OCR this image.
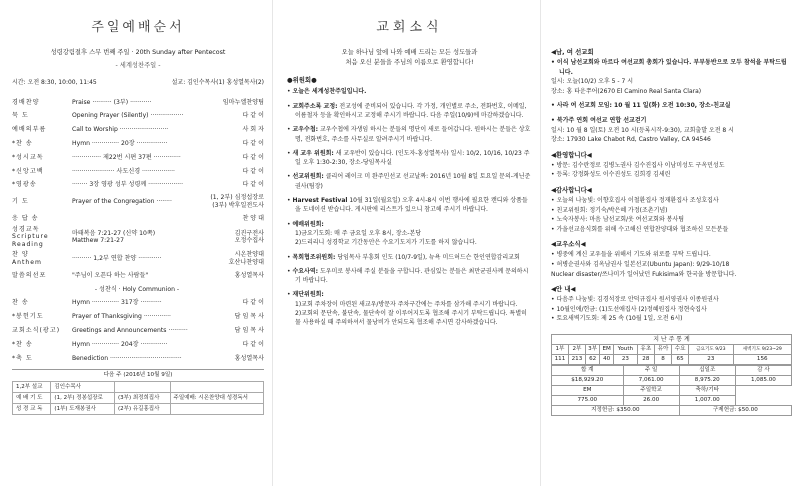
주일예배순서
성령강림절후 스무 번째 주일 · 20th Sunday after Pentecost
- 세계성찬주일 -
시간: 오전 8:30, 10:00, 11:45	설교: 김인수목사(1) 홍성열목사(2)
경배찬양	Praise ·········· (3부) ···········	임마누엘찬양팀
묵 도	Opening Prayer (Silently) ·················	다 같 이
예배의부름	Call to Worship ·························	사 회 자
*찬 송	Hymn ·············· 20장 ················	다 같 이
*성시교독	··············· 제22번 시편 37편 ··············	다 같 이
*신앙고백	······················ 사도신경 ·················	다 같 이
*영광송	········ 3장 영광 성부 성령께 ··················	다 같 이
기 도	Prayer of the Congregation ········	(1, 2부) 심정섭장로
(3부) 박후일전도사
응 답 송		찬 양 대
성경교독
Scripture Reading	마태복음 7:21-27 (신약 10쪽)
Matthew 7:21-27	김진구전사
오정수집사
찬 양
Anthem	·········· 1,2부 연합 찬양 ············	시온찬양대
호산나찬양대
말씀의선포	"주님이 오픈다 하는 사람들"	홍성열목사
	- 성찬식 · Holy Communion -	
찬 송	Hymn ·············· 317장 ···········	다 같 이
*봉헌기도	Prayer of Thanksgiving ··············	담 임 목 사
교회소식(광고)	Greetings and Announcements ··········	담 임 목 사
*찬 송	Hymn ·············· 204장 ··············	다 같 이
*축 도	Benediction ·····································	홍성열목사
다음 주 (2016년 10월 9일)
1,2부 설교	김인수목사		
예 배 기 도	(1, 2부) 정봉섭장로	(3부) 최정희집사	주일예배: 시온찬양대 성경독서
성 경 교 독	(1부) 도재봉권사	(2부) 유길홍집사	
교회소식
오늘 하나님 앞에 나와 예배 드리는 모든 성도들과
처음 오신 분들을 주님의 이름으로 환영합니다!
●위원회●
• 오늘은 세계성찬주일입니다.
• 교회주소록 교정: 전교성에 준비되어 있습니다. 각 가정, 개인별로 주소, 전화번호, 이메일, 이름철자 등을 확인하시고 교정해 주시기 바랍니다. 다음 주일(10/9)에 마감하겠습니다.
• 교우수첩: 교우수첩에 자생임 하시는 분들의 명단이 새로 들어갑니다. 원하시는 분들은 상호명, 전화번호, 주소를 사무실로 알려주시기 바랍니다.
• 새 교우 위원회: 새 교우반이 있습니다. (인도자-홍성열목사) 일시: 10/2, 10/16, 10/23 주일 오후 1:30-2:30, 장소-당임목사실
• 선교위원회: 클리어 레이크 미 완주민선교 선교날짜: 2016년 10월 8일 토요일 문의-게닌준권사(팀장)
• Harvest Festival 10월 31일(월요일) 오후 4시-8시 이번 행사에 필요한 캔디와 상품들을 도네이션 받습니다. 게시판에 리스트가 있으니 참고해 주시기 바랍니다.
• 예배위원회:
1)금요기도회: 매 주 금요일 오후 8시, 장소-본당
2)드리리니 성경학교 기간동안은 수요기도지가 기도를 하지 않습니다.
• 목회협조위원회: 당임목사 부흥회 인도 (10/7-9일), 뉴욕 미드허드슨 한인연합감리교회
• 수요사역: 도우미로 봉사해 주실 분들을 구합니다. 관심있는 분들은 최만균권사께 문의하시기 바랍니다.
• 재단위원회:
1)교회 주차장이 마련된 새교우/방문자 주차구간에는 주차를 삼가해 주시기 바랍니다.
2)교회의 문단속, 불단속, 물단속이 잘 이루어지도록 협조해 주시기 부탁드립니다. 특별히 물 사용하실 때 주의하셔서 물낭비가 안되도록 협조해 주시면 감사하겠습니다.
◀남, 여 선교회
• 이식 남선교회와 마르다 여선교회 총회가 있습니다. 부부동반으로 모두 참석을 부탁드립니다.
일시: 오늘(10/2) 오후 5 - 7 시
장소: 홍 타운쭈어(2670 El Camino Real Santa Clara)
• 사라 여 선교회 모임: 10 월 11 일(화) 오전 10:30, 장소-친교실
• 북가주 연회 여선교 연합 선교걷기
일시: 10 월 8 일(토) 오전 10 시(등록시작-9:30), 교회출발 오전 8 시
장소: 17930 Lake Chabot Rd, Castro Valley, CA 94546
◀환영합니다◀
• 방문: 김수란정로 김병노권사 김수진집사 이남미성도 구옥민성도
• 등록: 강정화성도 이수진성도 김희경 김세린
◀감사합니다◀
• 오늘의 나눔빛: 이향호집사 이철환집사 정재환집사 조성호집사
• 친교위원회: 정기숙/박은혜 가정(조촌기념)
• 노숙자봉사: 마음 남선교회/웃 여선교회와 봉사팀
• 가을선교음식회를 위해 수고해신 연합찬양대와 협조하신 모든분들
◀교우소식◀
• 병중에 계신 교우들을 위해서 기도와 위로를 부탁 드립니다.
• 허병순권사와 김옥남권사 일본선교(Ubuntu Japan): 9/29-10/18
Nuclear disaster/쓰나미가 일어났던 Fukisima와 한국을 방문합니다.
◀안 내◀
• 다음주 나눔빛: 김경석장로 안덕규집사 원서영권사 이종원권사
• 10월인애/헌금: (1)도선애집사 (2)정혜원집사 정현숙집사
• 토요새벽기도회: 제 25 속 (10월 1일, 오전 6시)
지 난 주 통 계
1부	2부	3부	EM	Youth	유초	유아	수요	금요기도 9/23	새벽기도 9/23~29
111	213	62	40	23	28	8	65	23	156
합 계	주 일	십일조	감 사
$18,929.20	7,061.00	8,975.20	1,085.00
EM	주일학교	축하/기타	
775.00	26.00	1,007.00	
지정헌금: $350.00		구제헌금: $50.00	
